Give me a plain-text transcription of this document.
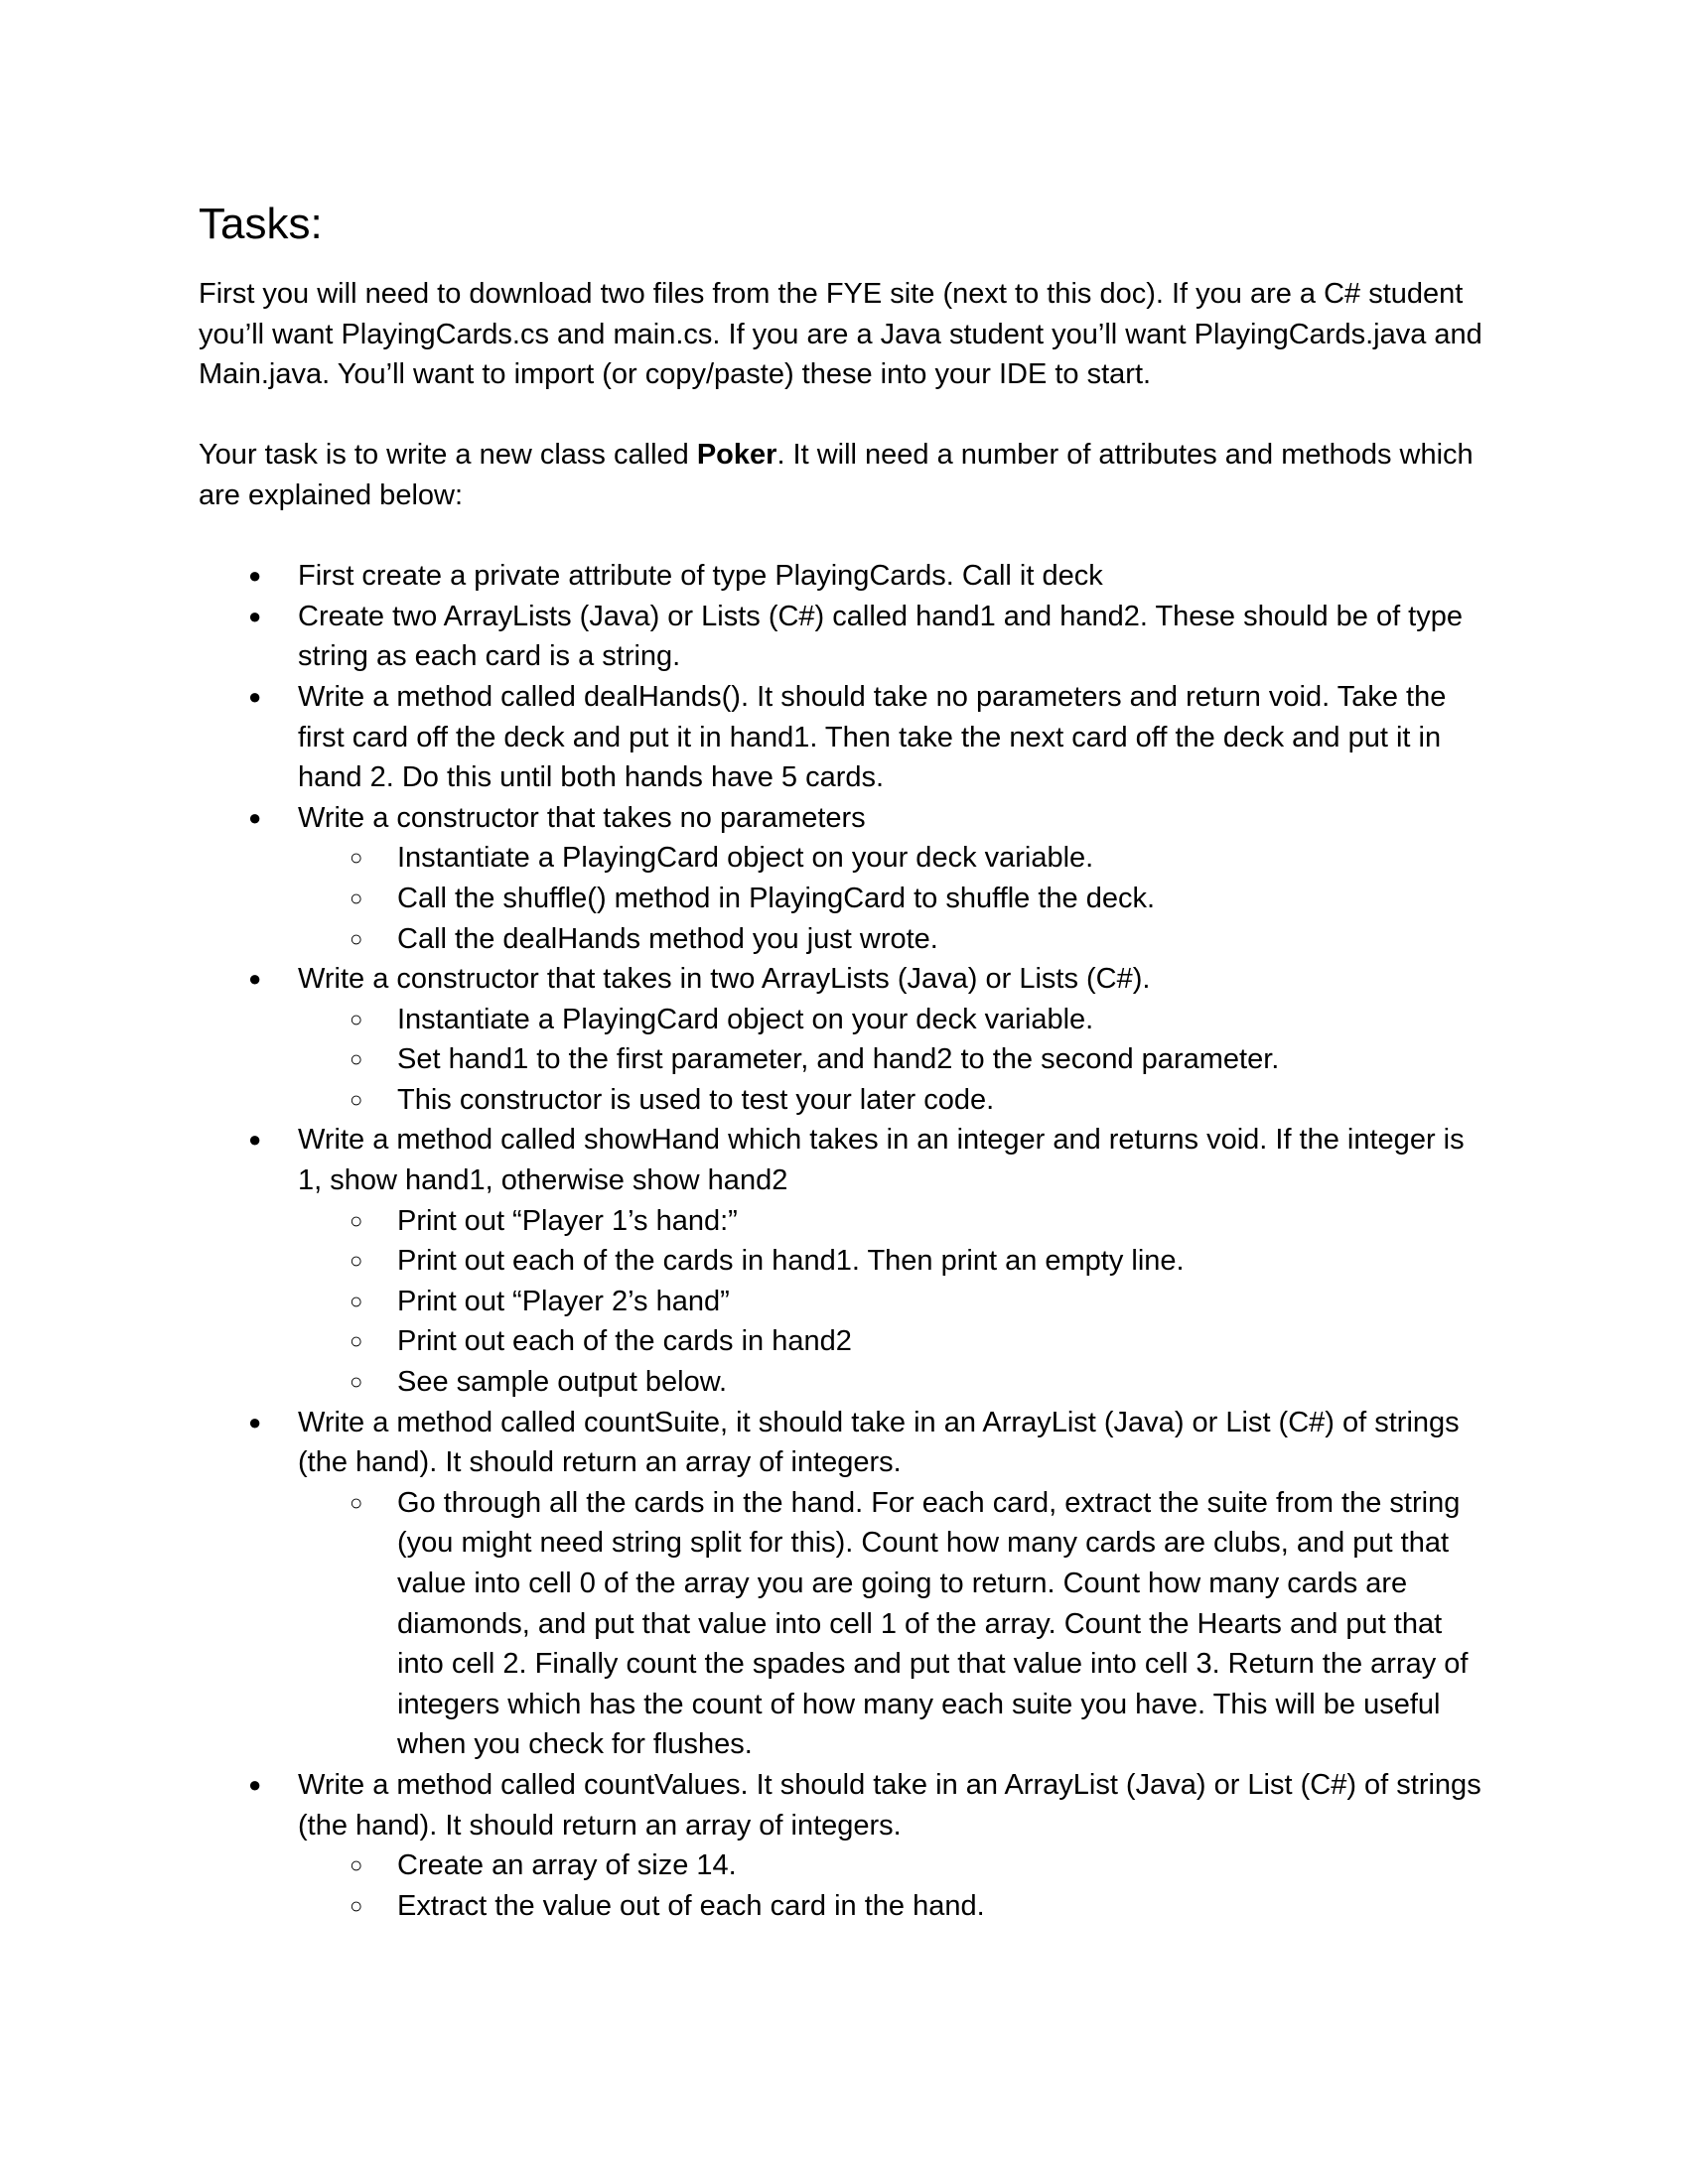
Tasks:

First you will need to download two files from the FYE site (next to this doc). If you are a C# student you’ll want PlayingCards.cs and main.cs. If you are a Java student you’ll want PlayingCards.java and Main.java. You’ll want to import (or copy/paste) these into your IDE to start.

Your task is to write a new class called Poker. It will need a number of attributes and methods which are explained below:

● First create a private attribute of type PlayingCards. Call it deck
● Create two ArrayLists (Java) or Lists (C#) called hand1 and hand2. These should be of type string as each card is a string.
● Write a method called dealHands(). It should take no parameters and return void. Take the first card off the deck and put it in hand1. Then take the next card off the deck and put it in hand 2. Do this until both hands have 5 cards.
● Write a constructor that takes no parameters
○ Instantiate a PlayingCard object on your deck variable.
○ Call the shuffle() method in PlayingCard to shuffle the deck.
○ Call the dealHands method you just wrote.
● Write a constructor that takes in two ArrayLists (Java) or Lists (C#).
○ Instantiate a PlayingCard object on your deck variable.
○ Set hand1 to the first parameter, and hand2 to the second parameter.
○ This constructor is used to test your later code.
● Write a method called showHand which takes in an integer and returns void. If the integer is 1, show hand1, otherwise show hand2
○ Print out “Player 1’s hand:”
○ Print out each of the cards in hand1. Then print an empty line.
○ Print out “Player 2’s hand”
○ Print out each of the cards in hand2
○ See sample output below.
● Write a method called countSuite, it should take in an ArrayList (Java) or List (C#) of strings (the hand). It should return an array of integers.
○ Go through all the cards in the hand. For each card, extract the suite from the string (you might need string split for this). Count how many cards are clubs, and put that value into cell 0 of the array you are going to return. Count how many cards are diamonds, and put that value into cell 1 of the array. Count the Hearts and put that into cell 2. Finally count the spades and put that value into cell 3. Return the array of integers which has the count of how many each suite you have. This will be useful when you check for flushes.
● Write a method called countValues. It should take in an ArrayList (Java) or List (C#) of strings (the hand). It should return an array of integers.
○ Create an array of size 14.
○ Extract the value out of each card in the hand.
